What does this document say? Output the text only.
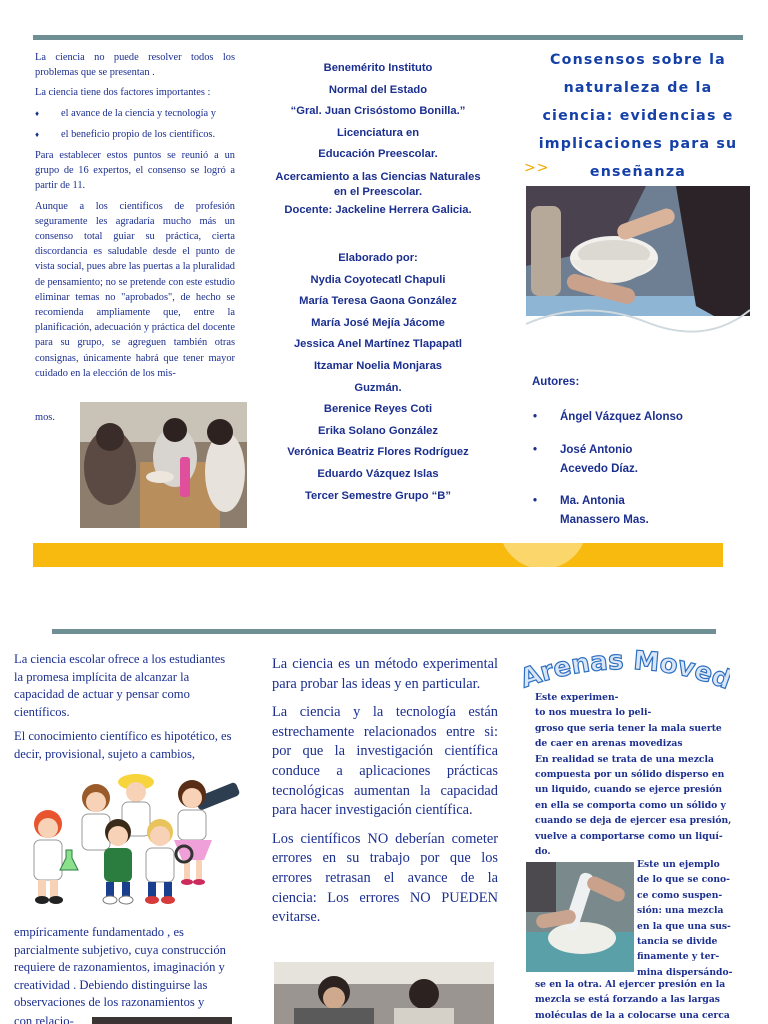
La ciencia no puede resolver todos los problemas que se presentan .

La ciencia tiene dos factores importantes :

♦ el avance de la ciencia y tecnología y
♦ el beneficio propio de los científicos.

Para establecer estos puntos se reunió a un grupo de 16 expertos, el consenso se logró a partir de 11.

Aunque a los científicos de profesión seguramente les agradaría mucho más un consenso total guiar su práctica, cierta discordancia es saludable desde el punto de vista social, pues abre las puertas a la pluralidad de pensamiento; no se pretende con este estudio eliminar temas no "aprobados", de hecho se recomienda ampliamente que, entre la planificación, adecuación y práctica del docente para su grupo, se agreguen también otras consignas, únicamente habrá que tener mayor cuidado en la elección de los mis-

mos.
Benemérito Instituto
Normal del Estado
“Gral. Juan Crisóstomo Bonilla.”
Licenciatura en
Educación Preescolar.
Acercamiento a las Ciencias Naturales
en el Preescolar.
Docente: Jackeline Herrera Galicia.
Elaborado por:
Nydia Coyotecatl Chapuli
María Teresa Gaona González
María José Mejía Jácome
Jessica Anel Martínez Tlapapatl
Itzamar Noelia Monjaras
Guzmán.
Berenice Reyes Coti
Erika Solano González
Verónica Beatriz Flores Rodríguez
Eduardo Vázquez Islas
Tercer Semestre Grupo “B”
Consensos sobre la
naturaleza de la
ciencia: evidencias e
implicaciones para su
enseñanza
>>
Autores:
•	Ángel Vázquez Alonso
•	José Antonio Acevedo Díaz.
•	Ma. Antonia Manassero Mas.

La ciencia escolar ofrece a los estudiantes la promesa implícita de alcanzar la capacidad de actuar y pensar como científicos.

El conocimiento científico es hipotético, es decir, provisional, sujeto a cambios,

empíricamente fundamentado , es parcialmente subjetivo, cuya construcción requiere de razonamientos, imaginación y creatividad . Debiendo distinguirse las observaciones de los razonamientos y

con relacio-

La ciencia es un método experimental para probar las ideas y en particular.

La ciencia y la tecnología están estrechamente relacionados entre si: por que la investigación científica conduce a aplicaciones prácticas tecnológicas aumentan la capacidad para hacer investigación científica.

Los científicos NO deberían cometer errores en su trabajo por que los errores retrasan el avance de la ciencia: Los errores NO PUEDEN evitarse.

Arenas Move
Este experimen-
to nos muestra lo peli-
groso que seria tener la mala suerte
de caer en arenas movedizas
En realidad se trata de una mezcla
compuesta por un sólido disperso en
un liquido, cuando se ejerce presión
en ella se comporta como un sólido y
cuando se deja de ejercer esa presión,
vuelve a comportarse como un liquí-
do.
Este un ejemplo
de lo que se cono-
ce como suspen-
sión: una mezcla
en la que una sus-
tancia se divide
finamente y ter-
mina dispersándo-
se en la otra. Al ejercer presión en la
mezcla se está forzando a las largas
moléculas de la a colocarse una cerca
